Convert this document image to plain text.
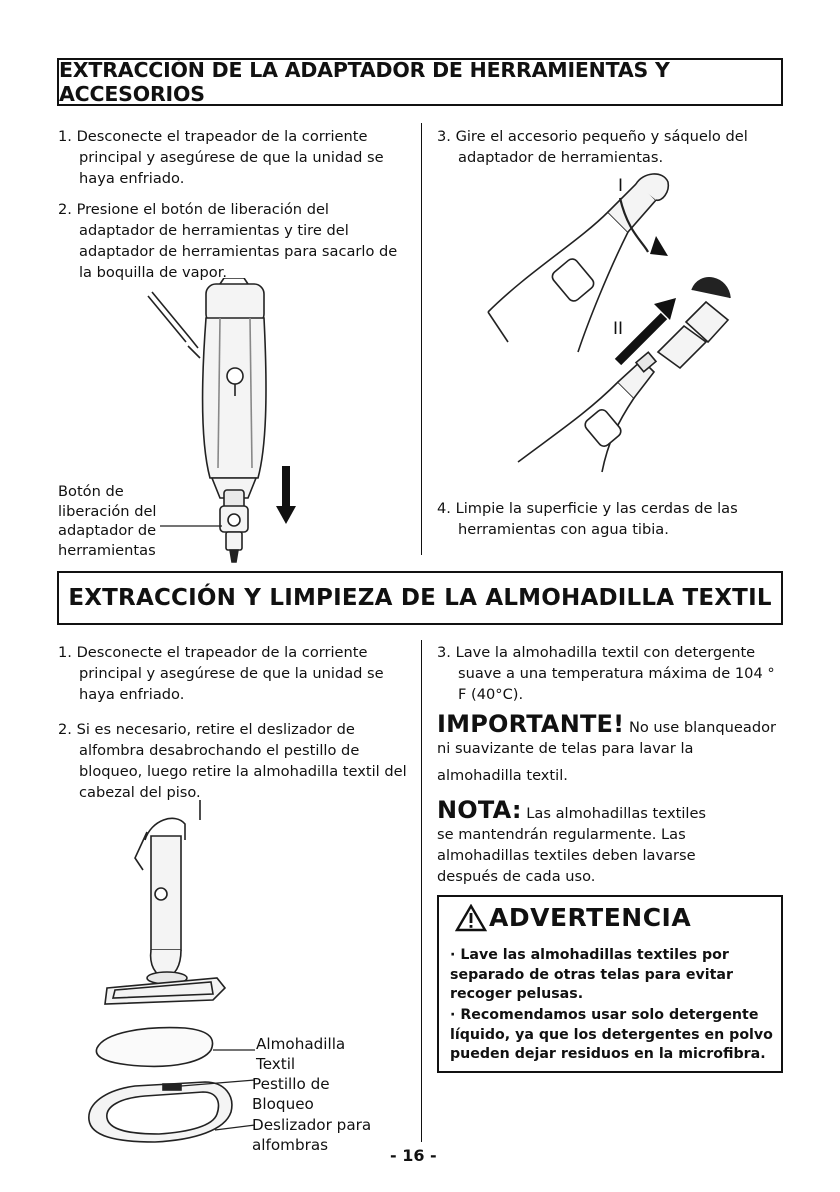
EXTRACCIÓN DE LA ADAPTADOR DE HERRAMIENTAS Y ACCESORIOS
1. Desconecte el trapeador de la corriente principal y asegúrese de que la unidad se haya enfriado.
2. Presione el botón de liberación del adaptador de herramientas y tire del adaptador de herramientas para sacarlo de la boquilla de vapor.
3. Gire el accesorio pequeño y sáquelo del adaptador de herramientas.
4. Limpie la superficie y las cerdas de las herramientas con agua tibia.
Botón de
liberación del
adaptador de
herramientas
I
II
EXTRACCIÓN Y LIMPIEZA DE LA ALMOHADILLA TEXTIL
1. Desconecte el trapeador de la corriente principal y asegúrese de que la unidad se haya enfriado.
2. Si es necesario, retire el deslizador de alfombra desabrochando el pestillo de bloqueo, luego retire la almohadilla textil del cabezal del piso.
3. Lave la almohadilla textil con detergente suave a una temperatura máxima de 104 ° F (40°C).
IMPORTANTE! No use blanqueador
ni suavizante de telas para lavar la
almohadilla textil.
NOTA: Las almohadillas textiles
se mantendrán regularmente. Las almohadillas textiles deben lavarse después de cada uso.
ADVERTENCIA
· Lave las almohadillas textiles por separado de otras telas para evitar recoger pelusas.
· Recomendamos usar solo detergente líquido, ya que los detergentes en polvo pueden dejar residuos en la microfibra.
Almohadilla
Textil
Pestillo de
Bloqueo
Deslizador para
alfombras
- 16 -
